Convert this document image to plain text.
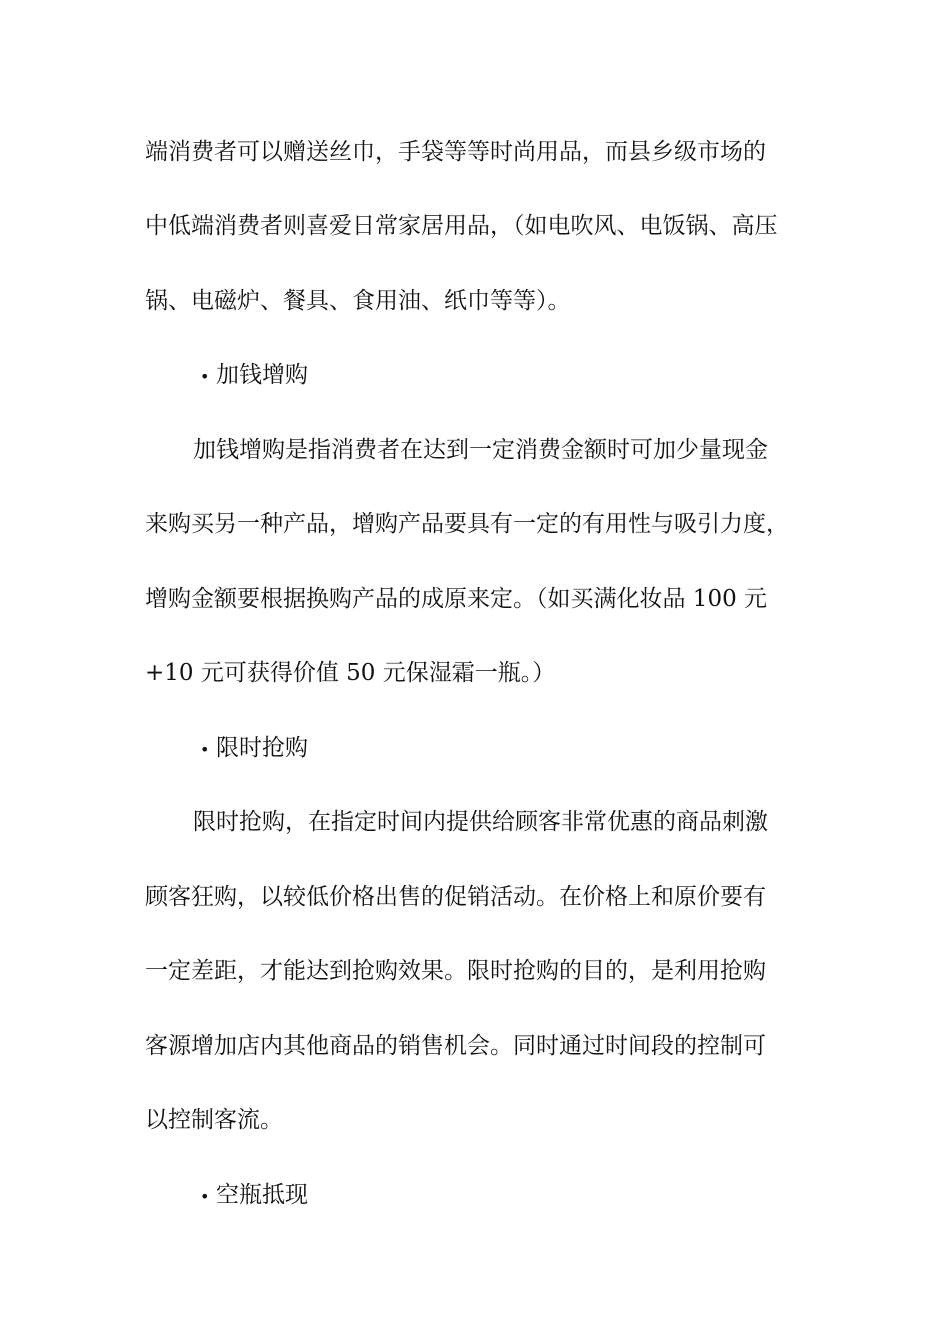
端消费者可以赠送丝巾，手袋等等时尚用品，而县乡级市场的
中低端消费者则喜爱日常家居用品，（如电吹风、电饭锅、高压
锅、电磁炉、餐具、食用油、纸巾等等）。
• 加钱增购
加钱增购是指消费者在达到一定消费金额时可加少量现金
来购买另一种产品，增购产品要具有一定的有用性与吸引力度，
增购金额要根据换购产品的成原来定。（如买满化妆品 100 元
+10 元可获得价值 50 元保湿霜一瓶。）
• 限时抢购
限时抢购，在指定时间内提供给顾客非常优惠的商品刺激
顾客狂购，以较低价格出售的促销活动。在价格上和原价要有
一定差距，才能达到抢购效果。限时抢购的目的，是利用抢购
客源增加店内其他商品的销售机会。同时通过时间段的控制可
以控制客流。
• 空瓶抵现
